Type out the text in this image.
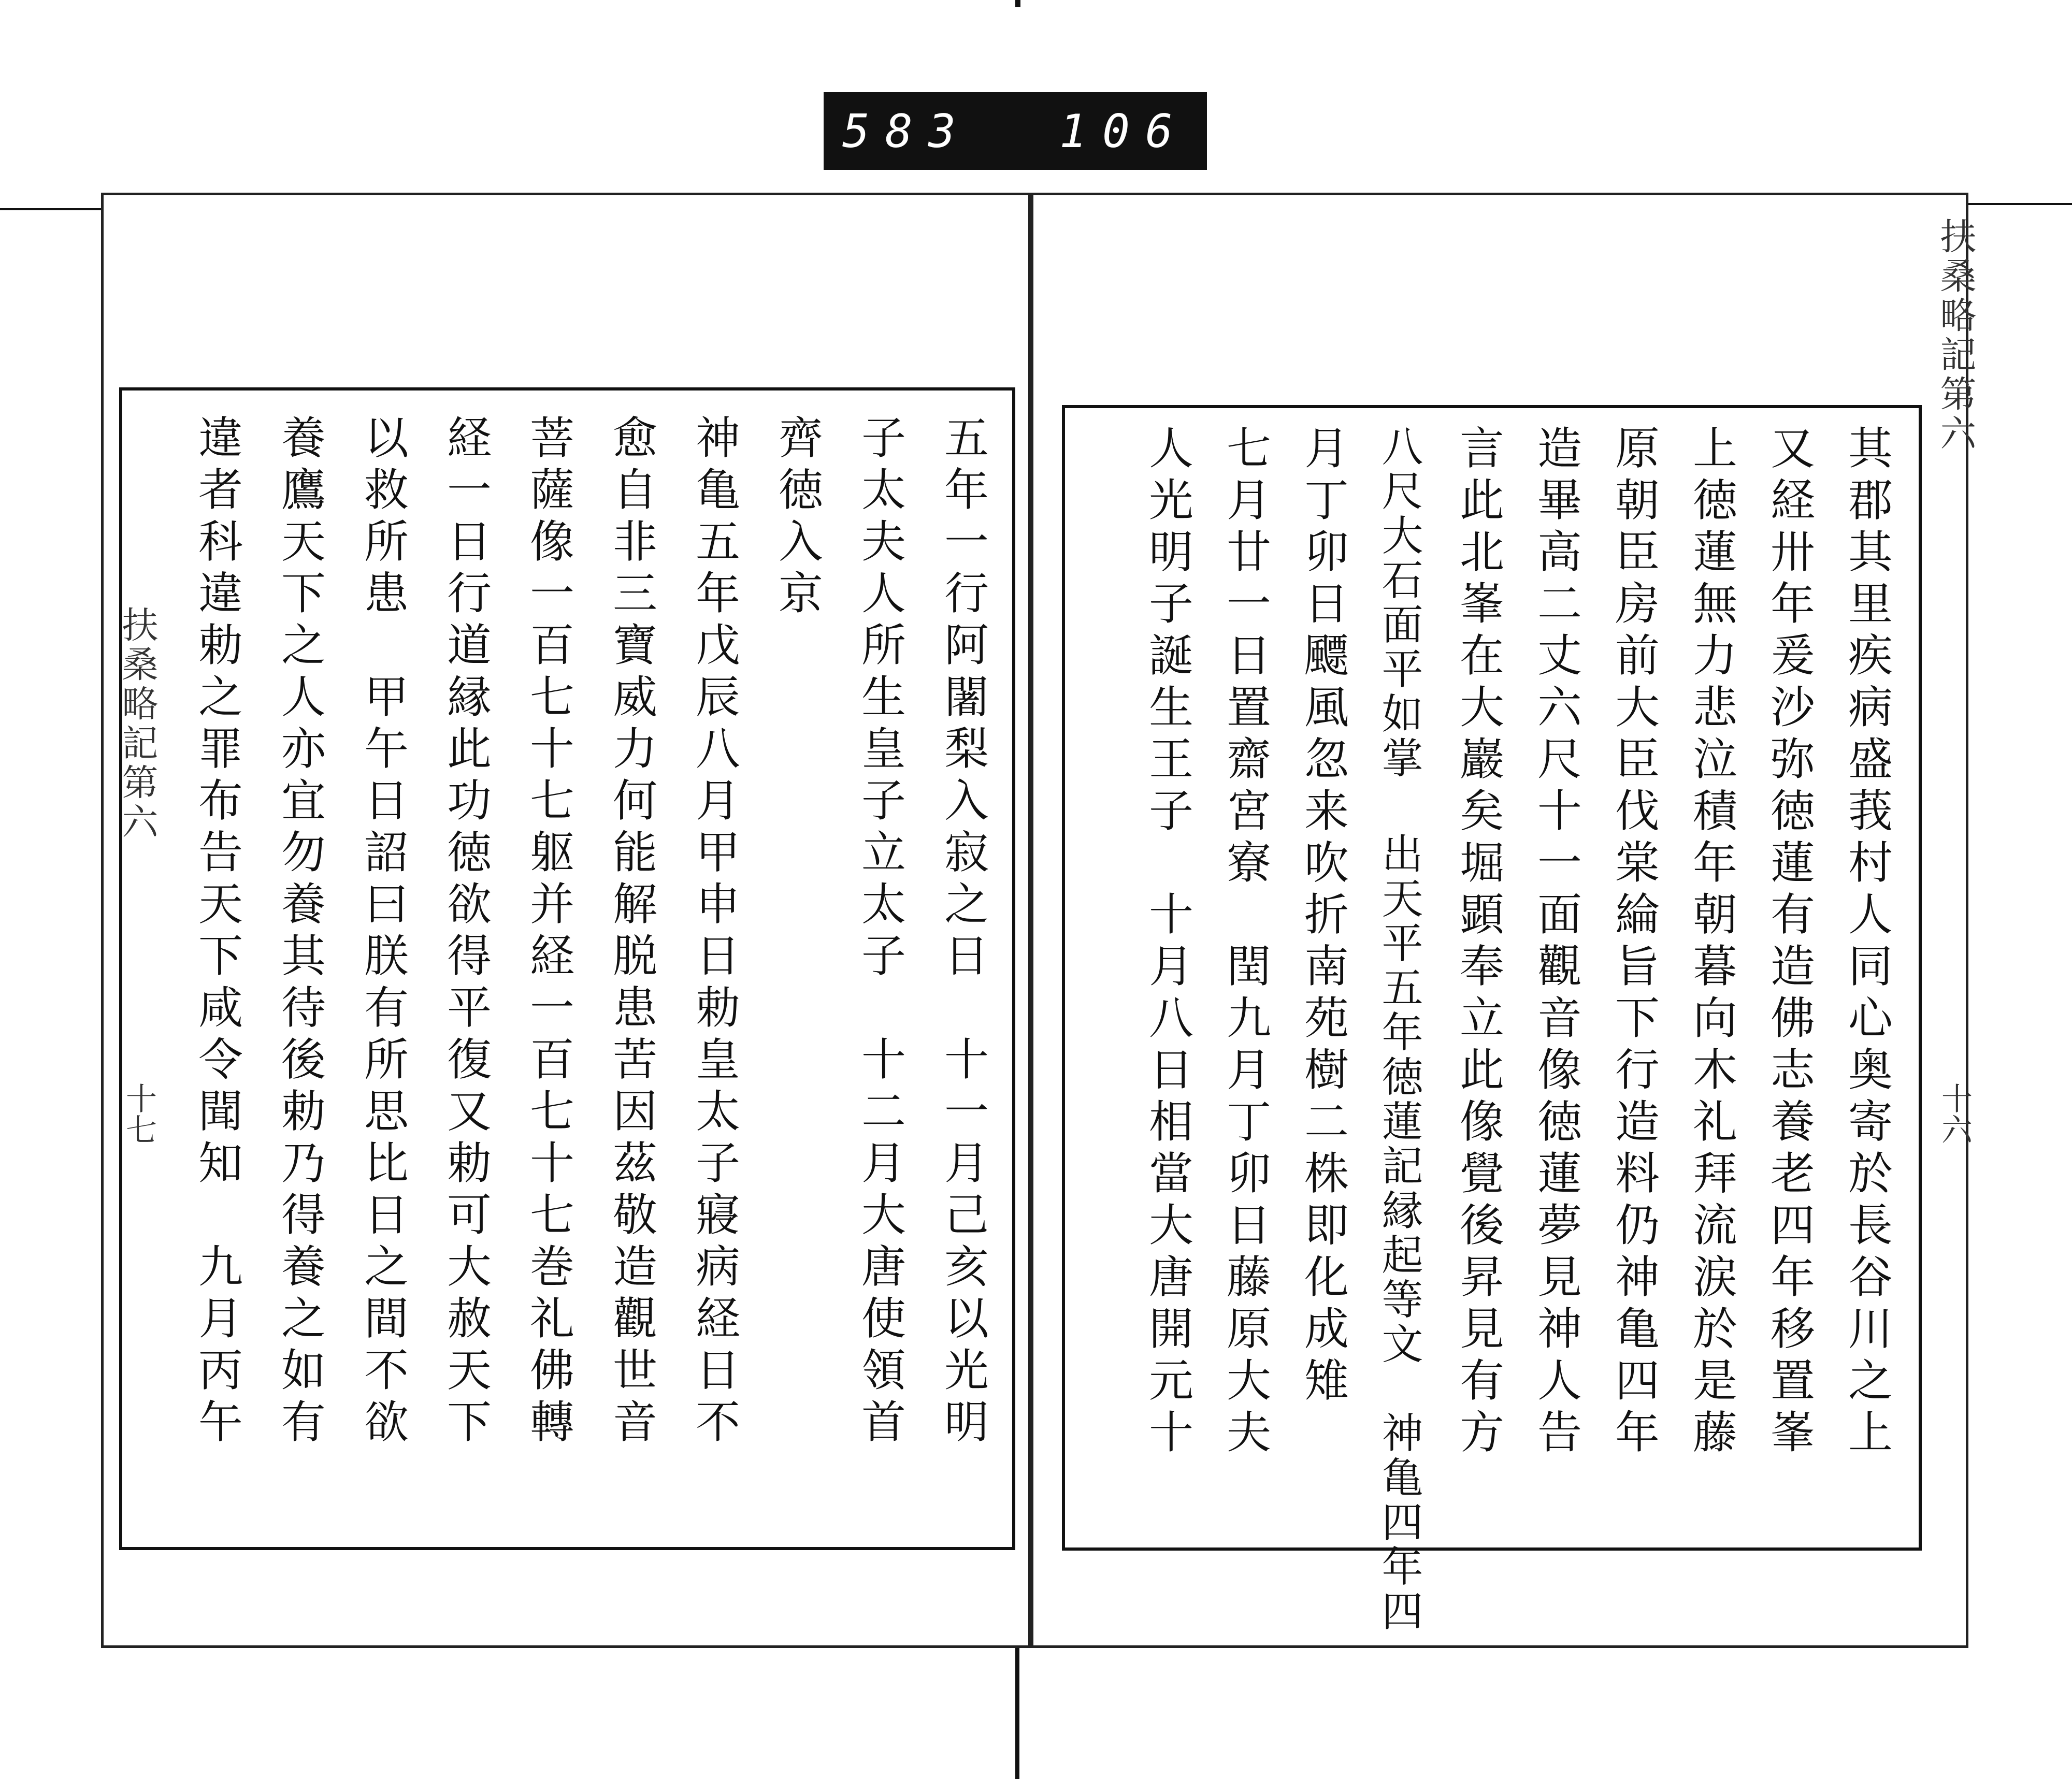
583 106
扶桑略記第六
十七
扶桑略記第六
十六
五年一行阿闍梨入寂之日　十一月己亥以光明
子太夫人所生皇子立太子　十二月大唐使領首
齊徳入京
神亀五年戊辰八月甲申日勅皇太子寢病経日不
愈自非三寶威力何能解脱患苦因茲敬造觀世音
菩薩像一百七十七躯并経一百七十七巻礼佛轉
経一日行道縁此功徳欲得平復又勅可大赦天下
以救所患　甲午日詔曰朕有所思比日之間不欲
養鷹天下之人亦宜勿養其待後勅乃得養之如有
違者科違勅之罪布告天下咸令聞知　九月丙午	其郡其里疾病盛莪村人同心奥寄於長谷川之上
又経卅年爰沙弥徳蓮有造佛志養老四年移置峯
上徳蓮無力悲泣積年朝暮向木礼拜流涙於是藤
原朝臣房前大臣伐棠綸旨下行造料仍神亀四年
造畢高二丈六尺十一面觀音像徳蓮夢見神人告
言此北峯在大巖矣堀顕奉立此像覺後昇見有方
八尺大石面平如掌 出天平五年徳蓮記縁起等文　神亀四年四
月丁卯日飃風忽来吹折南苑樹二株即化成雉
七月廿一日置齋宮寮　閏九月丁卯日藤原大夫
人光明子誕生王子　十月八日相當大唐開元十
